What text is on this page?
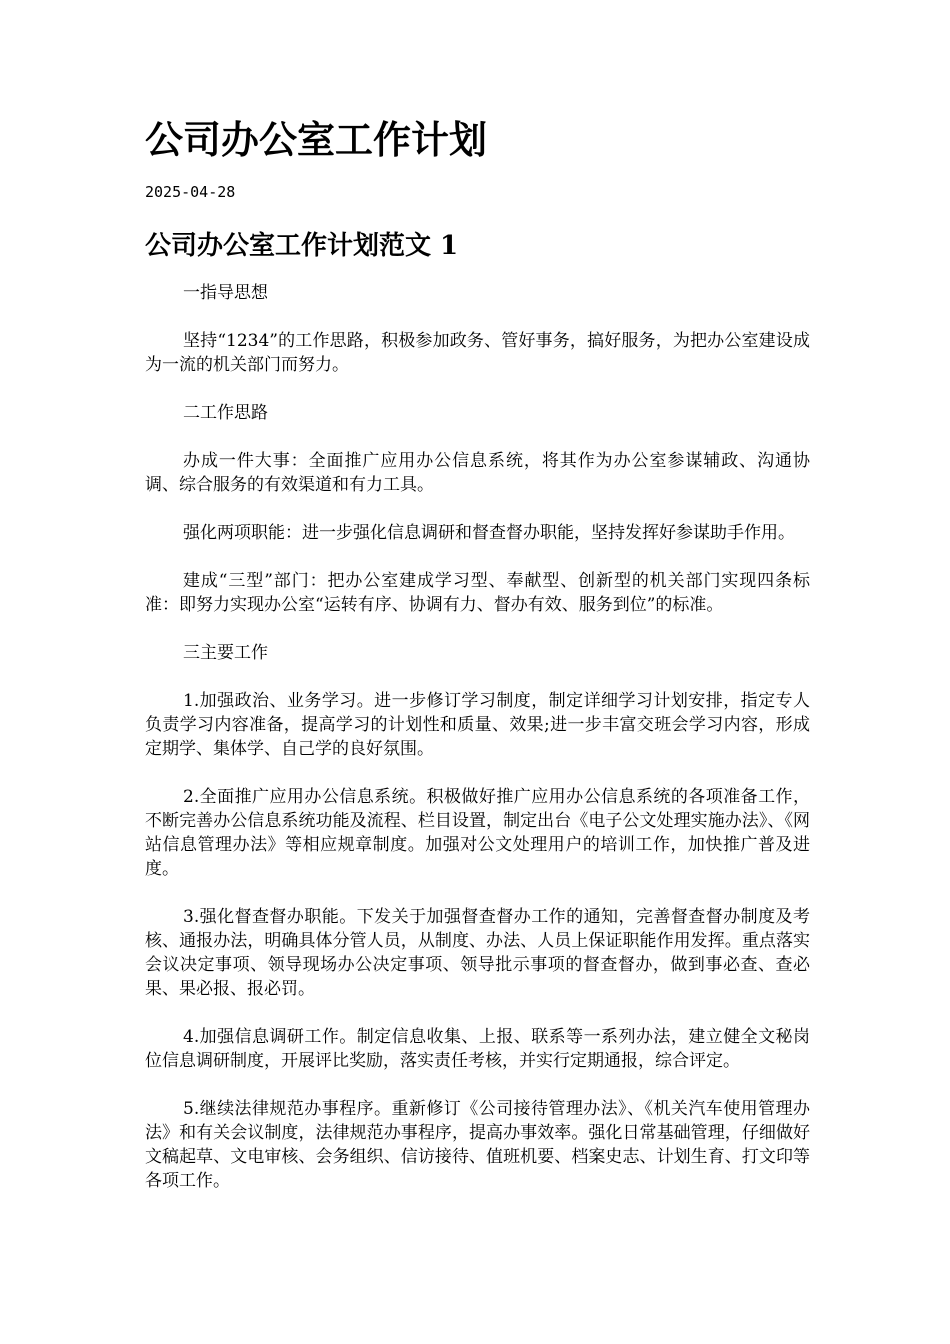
公司办公室工作计划
2025-04-28
公司办公室工作计划范文 1

一指导思想

坚持“1234”的工作思路，积极参加政务、管好事务，搞好服务，为把办公室建设成为一流的机关部门而努力。

二工作思路

办成一件大事：全面推广应用办公信息系统，将其作为办公室参谋辅政、沟通协调、综合服务的有效渠道和有力工具。

强化两项职能：进一步强化信息调研和督查督办职能，坚持发挥好参谋助手作用。

建成“三型”部门：把办公室建成学习型、奉献型、创新型的机关部门实现四条标准：即努力实现办公室“运转有序、协调有力、督办有效、服务到位”的标准。

三主要工作

1.加强政治、业务学习。进一步修订学习制度，制定详细学习计划安排，指定专人负责学习内容准备，提高学习的计划性和质量、效果;进一步丰富交班会学习内容，形成定期学、集体学、自己学的良好氛围。

2.全面推广应用办公信息系统。积极做好推广应用办公信息系统的各项准备工作，不断完善办公信息系统功能及流程、栏目设置，制定出台《电子公文处理实施办法》、《网站信息管理办法》等相应规章制度。加强对公文处理用户的培训工作，加快推广普及进度。

3.强化督查督办职能。下发关于加强督查督办工作的通知，完善督查督办制度及考核、通报办法，明确具体分管人员，从制度、办法、人员上保证职能作用发挥。重点落实会议决定事项、领导现场办公决定事项、领导批示事项的督查督办，做到事必查、查必果、果必报、报必罚。

4.加强信息调研工作。制定信息收集、上报、联系等一系列办法，建立健全文秘岗位信息调研制度，开展评比奖励，落实责任考核，并实行定期通报，综合评定。

5.继续法律规范办事程序。重新修订《公司接待管理办法》、《机关汽车使用管理办法》和有关会议制度，法律规范办事程序，提高办事效率。强化日常基础管理，仔细做好文稿起草、文电审核、会务组织、信访接待、值班机要、档案史志、计划生育、打文印等各项工作。
